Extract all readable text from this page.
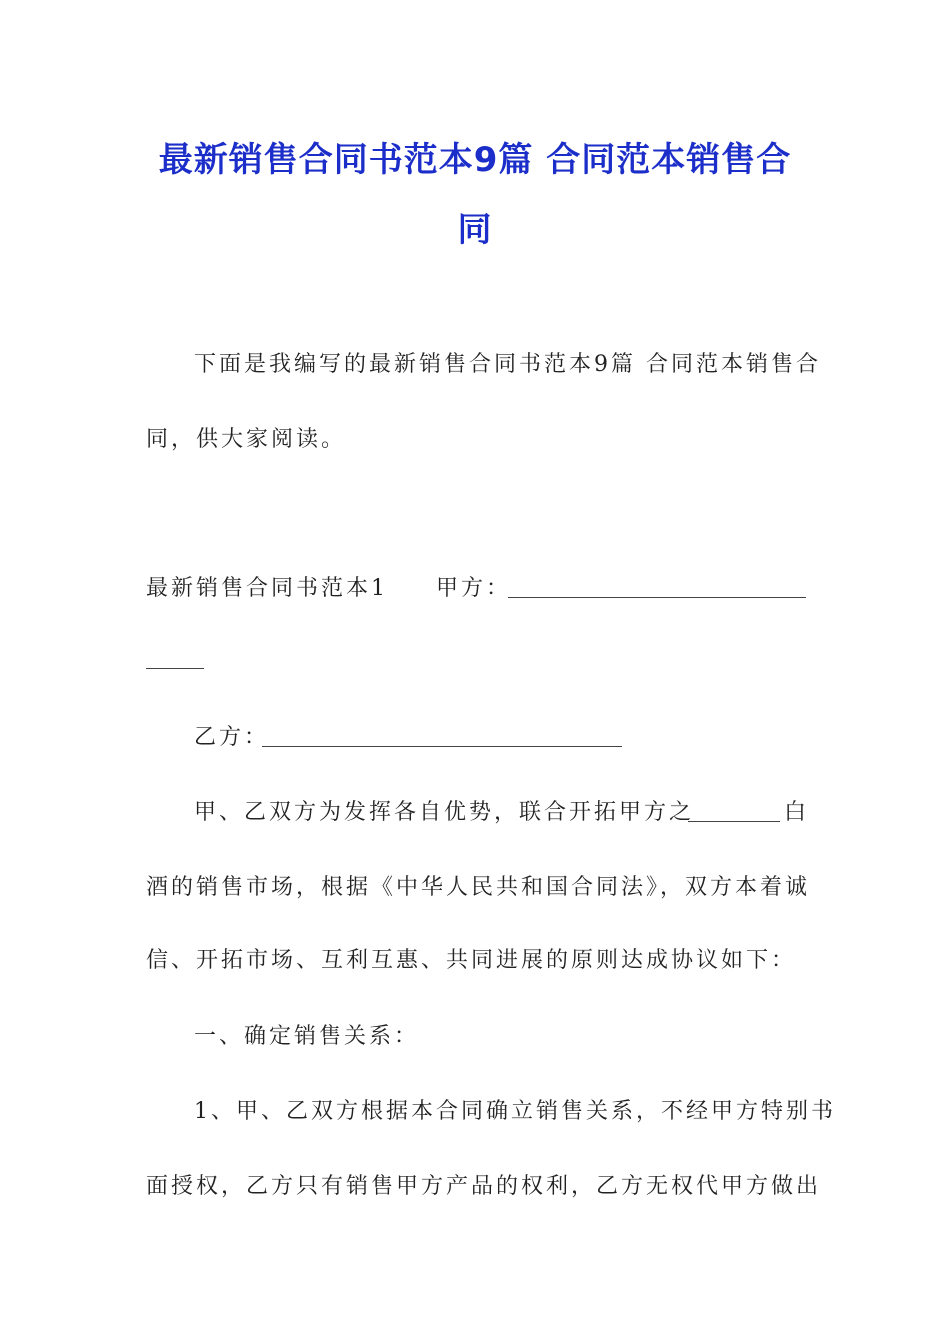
最新销售合同书范本9篇 合同范本销售合
同
下面是我编写的最新销售合同书范本9篇 合同范本销售合
同，供大家阅读。
最新销售合同书范本1 甲方：
乙方：
甲、乙双方为发挥各自优势，联合开拓甲方之	白
酒的销售市场，根据《中华人民共和国合同法》，双方本着诚
信、开拓市场、互利互惠、共同进展的原则达成协议如下：
一、确定销售关系：
1、甲、乙双方根据本合同确立销售关系，不经甲方特别书
面授权，乙方只有销售甲方产品的权利，乙方无权代甲方做出
